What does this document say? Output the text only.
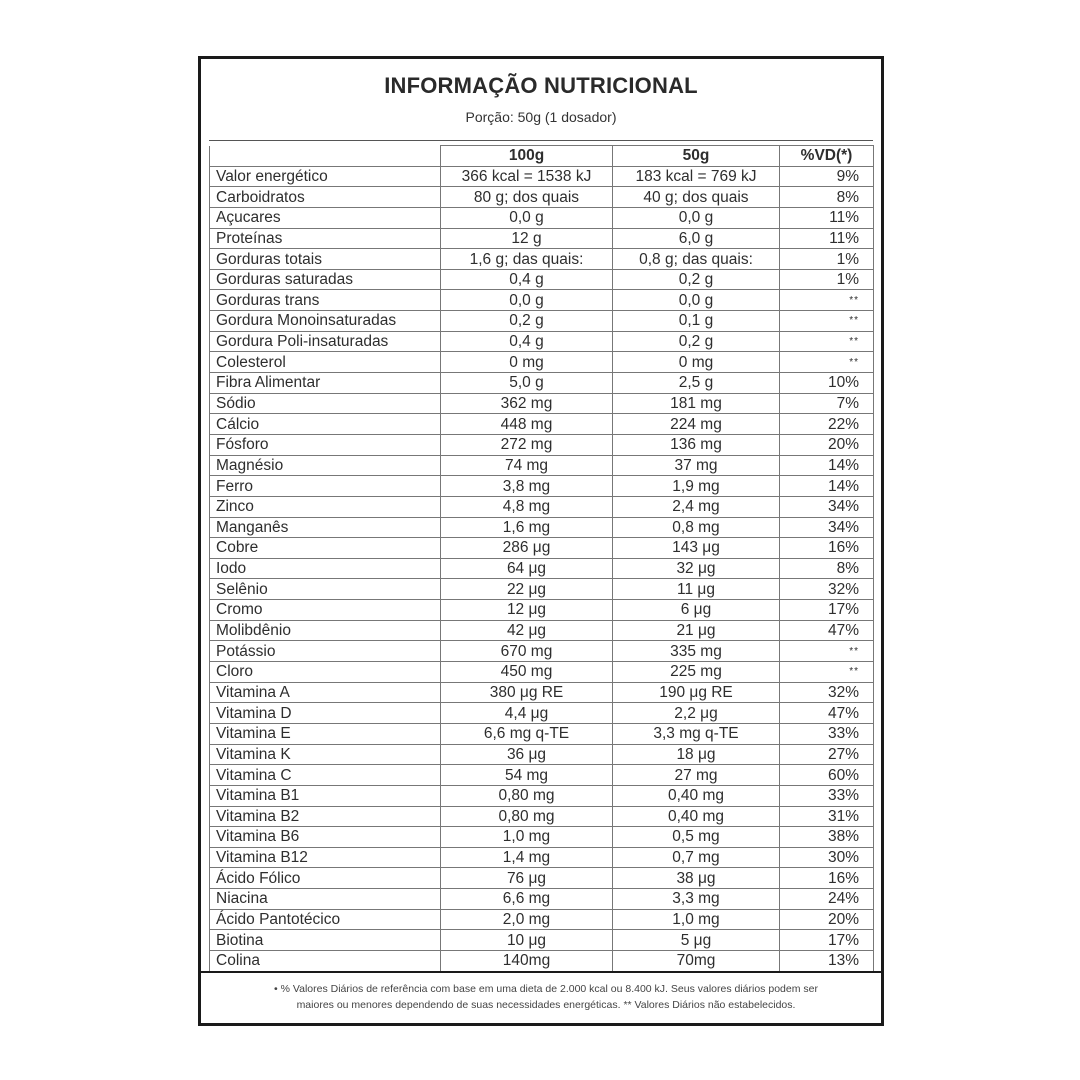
INFORMAÇÃO NUTRICIONAL
Porção: 50g (1 dosador)
	100g	50g	%VD(*)
Valor energético	366 kcal = 1538 kJ	183 kcal = 769 kJ	9%
Carboidratos	80 g; dos quais	40 g; dos quais	8%
Açucares	0,0 g	0,0 g	11%
Proteínas	12 g	6,0 g	11%
Gorduras totais	1,6 g; das quais:	0,8 g; das quais:	1%
Gorduras saturadas	0,4 g	0,2 g	1%
Gorduras trans	0,0 g	0,0 g	**
Gordura Monoinsaturadas	0,2 g	0,1 g	**
Gordura Poli-insaturadas	0,4 g	0,2 g	**
Colesterol	0 mg	0 mg	**
Fibra Alimentar	5,0 g	2,5 g	10%
Sódio	362 mg	181 mg	7%
Cálcio	448 mg	224 mg	22%
Fósforo	272 mg	136 mg	20%
Magnésio	74 mg	37 mg	14%
Ferro	3,8 mg	1,9 mg	14%
Zinco	4,8 mg	2,4 mg	34%
Manganês	1,6 mg	0,8 mg	34%
Cobre	286 μg	143 μg	16%
Iodo	64 μg	32 μg	8%
Selênio	22 μg	11 μg	32%
Cromo	12 μg	6 μg	17%
Molibdênio	42 μg	21 μg	47%
Potássio	670 mg	335 mg	**
Cloro	450 mg	225 mg	**
Vitamina A	380 μg RE	190 μg RE	32%
Vitamina D	4,4 μg	2,2 μg	47%
Vitamina E	6,6 mg q-TE	3,3 mg q-TE	33%
Vitamina K	36 μg	18 μg	27%
Vitamina C	54 mg	27 mg	60%
Vitamina B1	0,80 mg	0,40 mg	33%
Vitamina B2	0,80 mg	0,40 mg	31%
Vitamina B6	1,0 mg	0,5 mg	38%
Vitamina B12	1,4 mg	0,7 mg	30%
Ácido Fólico	76 μg	38 μg	16%
Niacina	6,6 mg	3,3 mg	24%
Ácido Pantotécico	2,0 mg	1,0 mg	20%
Biotina	10 μg	5 μg	17%
Colina	140mg	70mg	13%
• % Valores Diários de referência com base em uma dieta de 2.000 kcal ou 8.400 kJ. Seus valores diários podem ser
maiores ou menores dependendo de suas necessidades energéticas. ** Valores Diários não estabelecidos.
